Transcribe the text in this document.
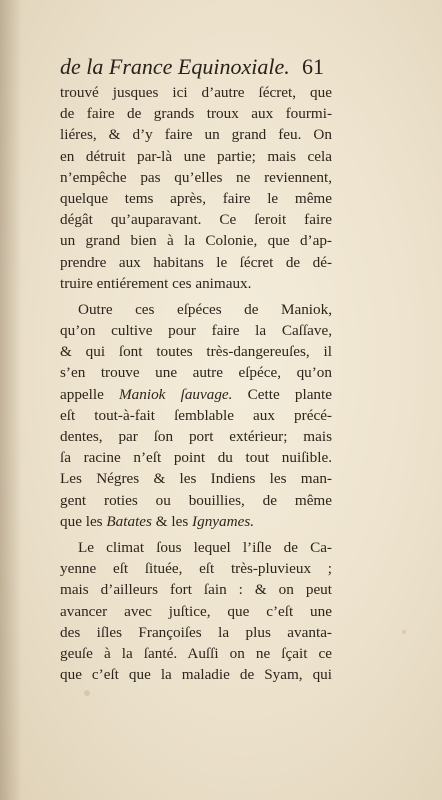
de la France Equinoxiale. 61
trouvé jusques ici d’autre ſécret, que
de faire de grands troux aux fourmi-
liéres, & d’y faire un grand feu. On
en détruit par-là une partie; mais cela
n’empêche pas qu’elles ne reviennent,
quelque tems après, faire le même
dégât qu’auparavant. Ce ſeroit faire
un grand bien à la Colonie, que d’ap-
prendre aux habitans le ſécret de dé-
truire entiérement ces animaux.
Outre ces eſpéces de Maniok,
qu’on cultive pour faire la Caſſave,
& qui ſont toutes très-dangereuſes, il
s’en trouve une autre eſpéce, qu’on
appelle Maniok ſauvage. Cette plante
eſt tout-à-fait ſemblable aux précé-
dentes, par ſon port extérieur; mais
ſa racine n’eſt point du tout nuiſible.
Les Négres & les Indiens les man-
gent roties ou bouillies, de même
que les Batates & les Ignyames.
Le climat ſous lequel l’iſle de Ca-
yenne eſt ſituée, eſt très-pluvieux ;
mais d’ailleurs fort ſain : & on peut
avancer avec juſtice, que c’eſt une
des iſles Françoiſes la plus avanta-
geuſe à la ſanté. Auſſi on ne ſçait ce
que c’eſt que la maladie de Syam, qui
